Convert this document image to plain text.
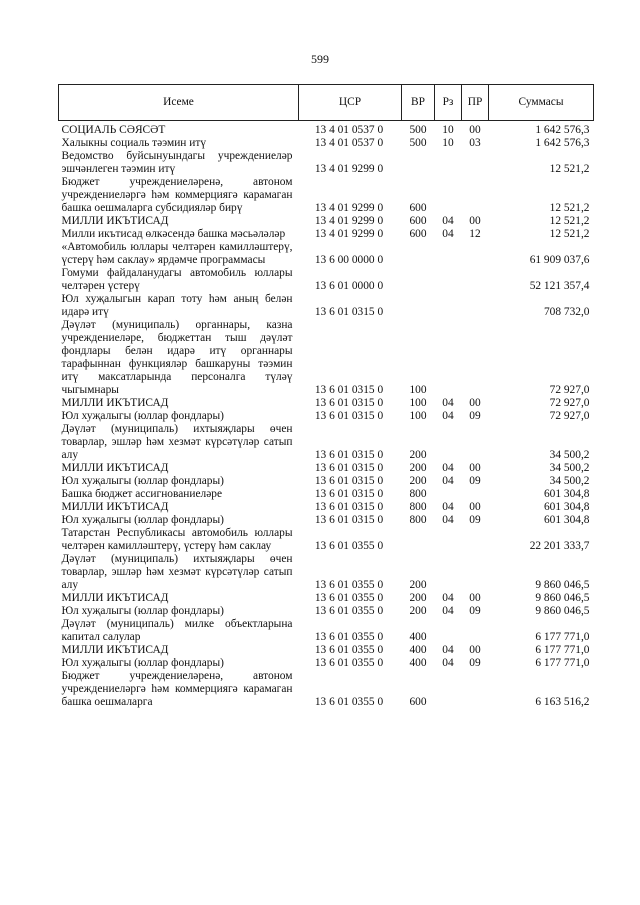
599
Исеме	ЦСР	ВР	Рз	ПР	Суммасы
СОЦИАЛЬ СӘЯСӘТ	13 4 01 0537 0	500	10	00	1 642 576,3
Халыкны социаль тәэмин итү	13 4 01 0537 0	500	10	03	1 642 576,3
Ведомство буйсынуындагы учреждениеләр эшчәнлеген тәэмин итү	13 4 01 9299 0				12 521,2
Бюджет учреждениеләренә, автоном учреждениеләргә һәм коммерциягә карамаган башка оешмаларга субсидияләр бирү	13 4 01 9299 0	600			12 521,2
МИЛЛИ ИКЪТИСАД	13 4 01 9299 0	600	04	00	12 521,2
Милли икътисад өлкәсендә башка мәсьәләләр	13 4 01 9299 0	600	04	12	12 521,2
«Автомобиль юллары челтәрен камилләштерү, үстерү һәм саклау» ярдәмче программасы	13 6 00 0000 0				61 909 037,6
Гомуми файдаланудагы автомобиль юллары челтәрен үстерү	13 6 01 0000 0				52 121 357,4
Юл хуҗалыгын карап тоту һәм аның белән идарә итү	13 6 01 0315 0				708 732,0
Дәүләт (муниципаль) органнары, казна учреждениеләре, бюджеттан тыш дәүләт фондлары белән идарә итү органнары тарафыннан функцияләр башкаруны тәэмин итү максатларында персоналга түләү чыгымнары	13 6 01 0315 0	100			72 927,0
МИЛЛИ ИКЪТИСАД	13 6 01 0315 0	100	04	00	72 927,0
Юл хуҗалыгы (юллар фондлары)	13 6 01 0315 0	100	04	09	72 927,0
Дәүләт (муниципаль) ихтыяҗлары өчен товарлар, эшләр һәм хезмәт күрсәтүләр сатып алу	13 6 01 0315 0	200			34 500,2
МИЛЛИ ИКЪТИСАД	13 6 01 0315 0	200	04	00	34 500,2
Юл хуҗалыгы (юллар фондлары)	13 6 01 0315 0	200	04	09	34 500,2
Башка бюджет ассигнованиеләре	13 6 01 0315 0	800			601 304,8
МИЛЛИ ИКЪТИСАД	13 6 01 0315 0	800	04	00	601 304,8
Юл хуҗалыгы (юллар фондлары)	13 6 01 0315 0	800	04	09	601 304,8
Татарстан Республикасы автомобиль юллары челтәрен камилләштерү, үстерү һәм саклау	13 6 01 0355 0				22 201 333,7
Дәүләт (муниципаль) ихтыяҗлары өчен товарлар, эшләр һәм хезмәт күрсәтүләр сатып алу	13 6 01 0355 0	200			9 860 046,5
МИЛЛИ ИКЪТИСАД	13 6 01 0355 0	200	04	00	9 860 046,5
Юл хуҗалыгы (юллар фондлары)	13 6 01 0355 0	200	04	09	9 860 046,5
Дәүләт (муниципаль) милке объектларына капитал салулар	13 6 01 0355 0	400			6 177 771,0
МИЛЛИ ИКЪТИСАД	13 6 01 0355 0	400	04	00	6 177 771,0
Юл хуҗалыгы (юллар фондлары)	13 6 01 0355 0	400	04	09	6 177 771,0
Бюджет учреждениеләренә, автоном учреждениеләргә һәм коммерциягә карамаган башка оешмаларга	13 6 01 0355 0	600			6 163 516,2
